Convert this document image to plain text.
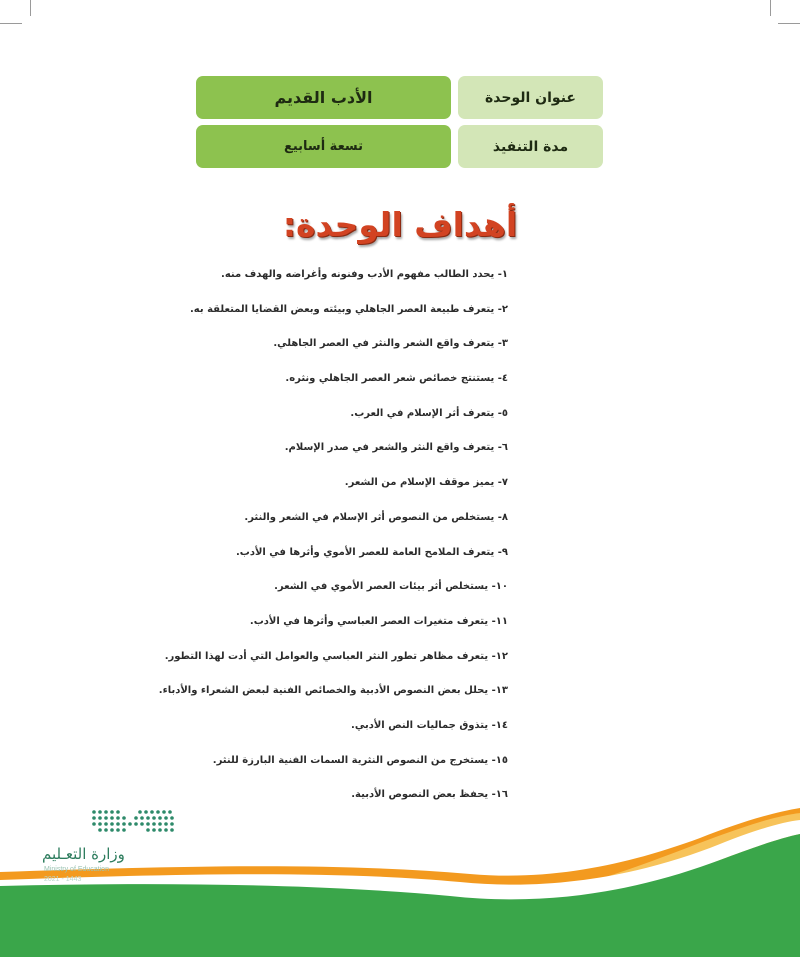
عنوان الوحدة
الأدب القديم
مدة التنفيذ
تسعة أسابيع
أهداف الوحدة:
١- يحدد الطالب مفهوم الأدب وفنونه وأغراضه والهدف منه.
٢- يتعرف طبيعة العصر الجاهلي وبيئته وبعض القضايا المتعلقة به.
٣- يتعرف واقع الشعر والنثر في العصر الجاهلي.
٤- يستنتج خصائص شعر العصر الجاهلي ونثره.
٥- يتعرف أثر الإسلام في العرب.
٦- يتعرف واقع النثر والشعر في صدر الإسلام.
٧- يميز موقف الإسلام من الشعر.
٨- يستخلص من النصوص أثر الإسلام في الشعر والنثر.
٩- يتعرف الملامح العامة للعصر الأموي وأثرها في الأدب.
١٠- يستخلص أثر بيئات العصر الأموي في الشعر.
١١- يتعرف متغيرات العصر العباسي وأثرها في الأدب.
١٢- يتعرف مظاهر تطور النثر العباسي والعوامل التي أدت لهذا التطور.
١٣- يحلل بعض النصوص الأدبية والخصائص الفنية لبعض الشعراء والأدباء.
١٤- يتذوق جماليات النص الأدبي.
١٥- يستخرج من النصوص النثرية السمات الفنية البارزة للنثر.
١٦- يحفظ بعض النصوص الأدبية.
وزارة التعـليم
Ministry of Education
2021 - 1443
